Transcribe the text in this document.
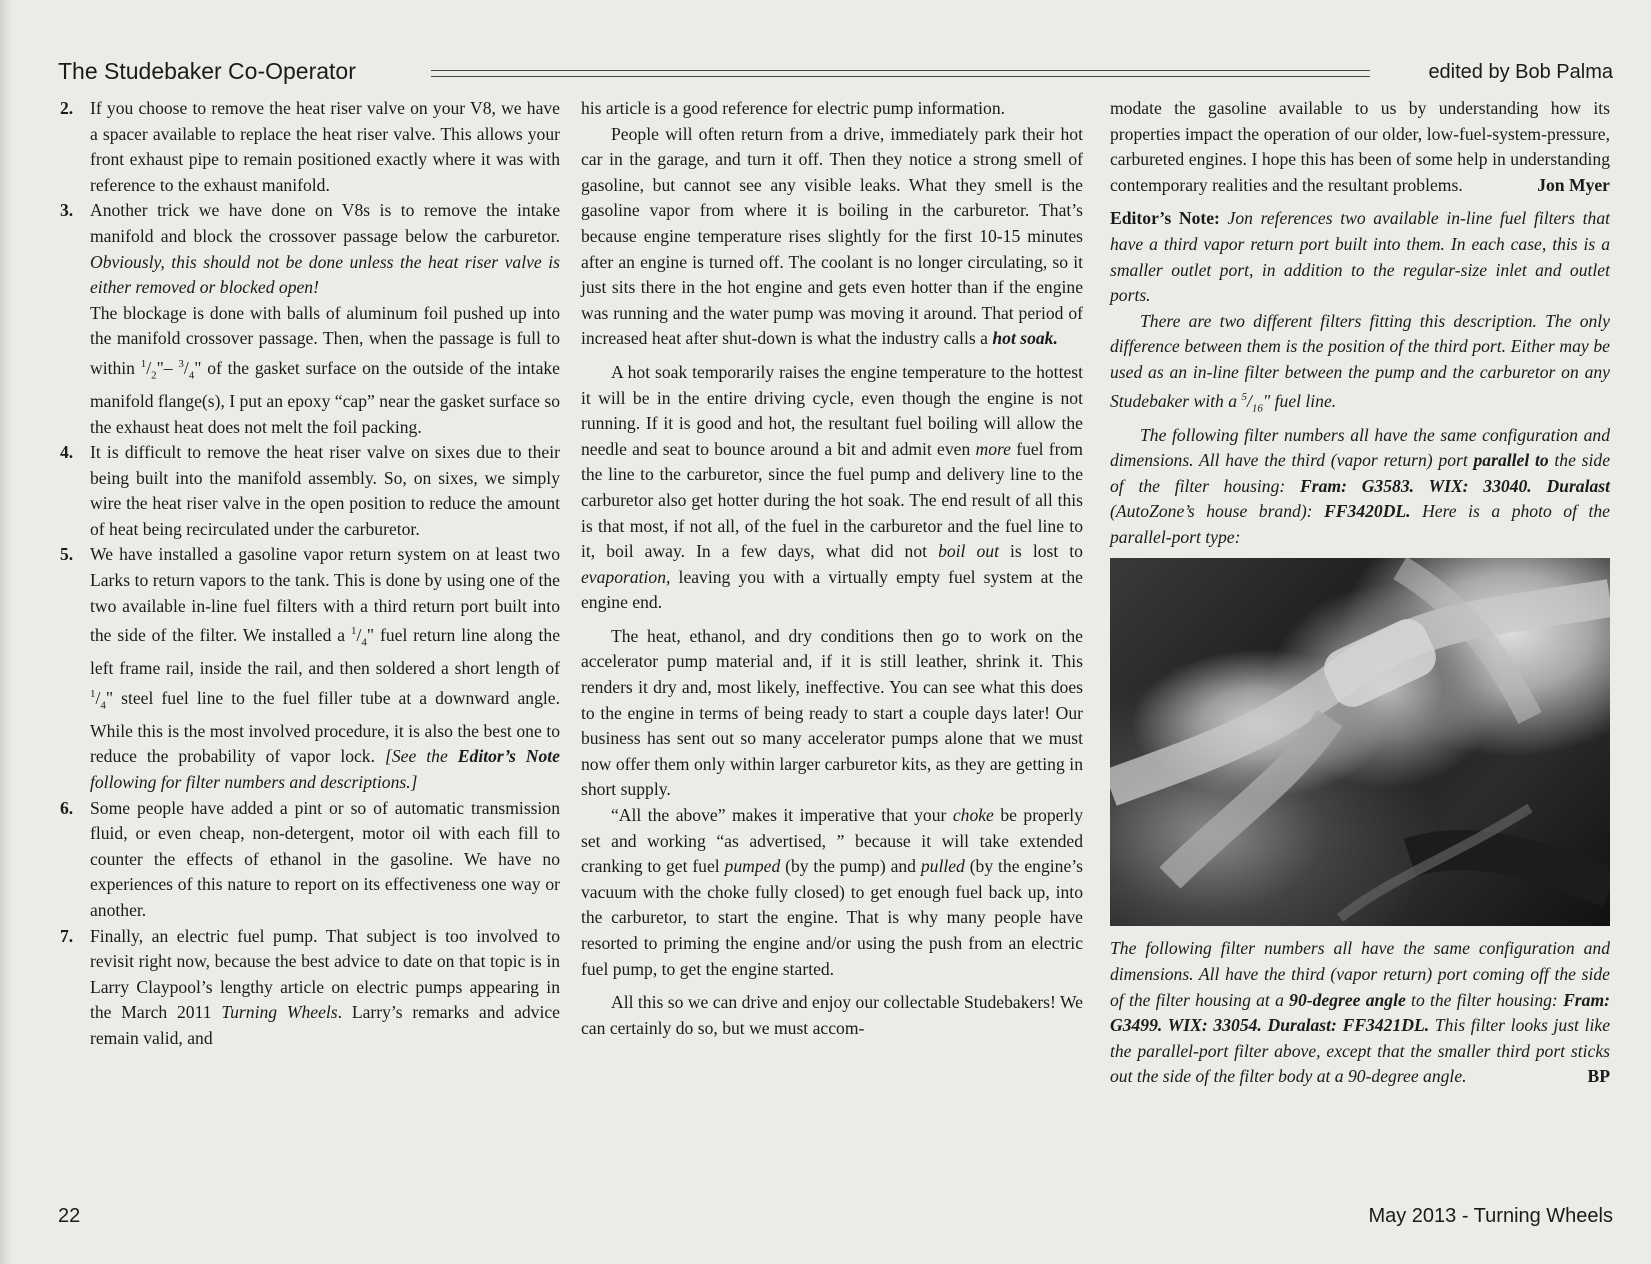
The Studebaker Co-Operator	edited by Bob Palma

2. If you choose to remove the heat riser valve on your V8, we have a spacer available to replace the heat riser valve. This allows your front exhaust pipe to remain positioned exactly where it was with reference to the exhaust manifold.

3. Another trick we have done on V8s is to remove the intake manifold and block the crossover passage below the carburetor. Obviously, this should not be done unless the heat riser valve is either removed or blocked open!

The blockage is done with balls of aluminum foil pushed up into the manifold crossover passage. Then, when the passage is full to within $^1/_2"-$ $^3/_4$" of the gasket surface on the outside of the intake manifold flange(s), I put an epoxy “cap” near the gasket surface so the exhaust heat does not melt the foil packing.

4. It is difficult to remove the heat riser valve on sixes due to their being built into the manifold assembly. So, on sixes, we simply wire the heat riser valve in the open position to reduce the amount of heat being recirculated under the carburetor.

5. We have installed a gasoline vapor return system on at least two Larks to return vapors to the tank. This is done by using one of the two available in-line fuel filters with a third return port built into the side of the filter. We installed a $^1/_4$" fuel return line along the left frame rail, inside the rail, and then soldered a short length of $^1/_4$" steel fuel line to the fuel filler tube at a downward angle. While this is the most involved procedure, it is also the best one to reduce the probability of vapor lock. [See the Editor’s Note following for filter numbers and descriptions.]

6. Some people have added a pint or so of automatic transmission fluid, or even cheap, non-detergent, motor oil with each fill to counter the effects of ethanol in the gasoline. We have no experiences of this nature to report on its effectiveness one way or another.

7. Finally, an electric fuel pump. That subject is too involved to revisit right now, because the best advice to date on that topic is in Larry Claypool’s lengthy article on electric pumps appearing in the March 2011 Turning Wheels. Larry’s remarks and advice remain valid, and

his article is a good reference for electric pump information.

People will often return from a drive, immediately park their hot car in the garage, and turn it off. Then they notice a strong smell of gasoline, but cannot see any visible leaks. What they smell is the gasoline vapor from where it is boiling in the carburetor. That’s because engine temperature rises slightly for the first 10-15 minutes after an engine is turned off. The coolant is no longer circulating, so it just sits there in the hot engine and gets even hotter than if the engine was running and the water pump was moving it around. That period of increased heat after shut-down is what the industry calls a hot soak.

A hot soak temporarily raises the engine temperature to the hottest it will be in the entire driving cycle, even though the engine is not running. If it is good and hot, the resultant fuel boiling will allow the needle and seat to bounce around a bit and admit even more fuel from the line to the carburetor, since the fuel pump and delivery line to the carburetor also get hotter during the hot soak. The end result of all this is that most, if not all, of the fuel in the carburetor and the fuel line to it, boil away. In a few days, what did not boil out is lost to evaporation, leaving you with a virtually empty fuel system at the engine end.

The heat, ethanol, and dry conditions then go to work on the accelerator pump material and, if it is still leather, shrink it. This renders it dry and, most likely, ineffective. You can see what this does to the engine in terms of being ready to start a couple days later! Our business has sent out so many accelerator pumps alone that we must now offer them only within larger carburetor kits, as they are getting in short supply.

“All the above” makes it imperative that your choke be properly set and working “as advertised, ” because it will take extended cranking to get fuel pumped (by the pump) and pulled (by the engine’s vacuum with the choke fully closed) to get enough fuel back up, into the carburetor, to start the engine. That is why many people have resorted to priming the engine and/or using the push from an electric fuel pump, to get the engine started.

All this so we can drive and enjoy our collectable Studebakers! We can certainly do so, but we must accom-

modate the gasoline available to us by understanding how its properties impact the operation of our older, low-fuel-system-pressure, carbureted engines. I hope this has been of some help in understanding contemporary realities and the resultant problems.	Jon Myer

Editor’s Note: Jon references two available in-line fuel filters that have a third vapor return port built into them. In each case, this is a smaller outlet port, in addition to the regular-size inlet and outlet ports.

There are two different filters fitting this description. The only difference between them is the position of the third port. Either may be used as an in-line filter between the pump and the carburetor on any Studebaker with a $^5/_{16}$" fuel line.

The following filter numbers all have the same configuration and dimensions. All have the third (vapor return) port parallel to the side of the filter housing: Fram: G3583. WIX: 33040. Duralast (AutoZone’s house brand): FF3420DL. Here is a photo of the parallel-port type:

The following filter numbers all have the same configuration and dimensions. All have the third (vapor return) port coming off the side of the filter housing at a 90-degree angle to the filter housing: Fram: G3499. WIX: 33054. Duralast: FF3421DL. This filter looks just like the parallel-port filter above, except that the smaller third port sticks out the side of the filter body at a 90-degree angle.	BP

22	May 2013 - Turning Wheels
